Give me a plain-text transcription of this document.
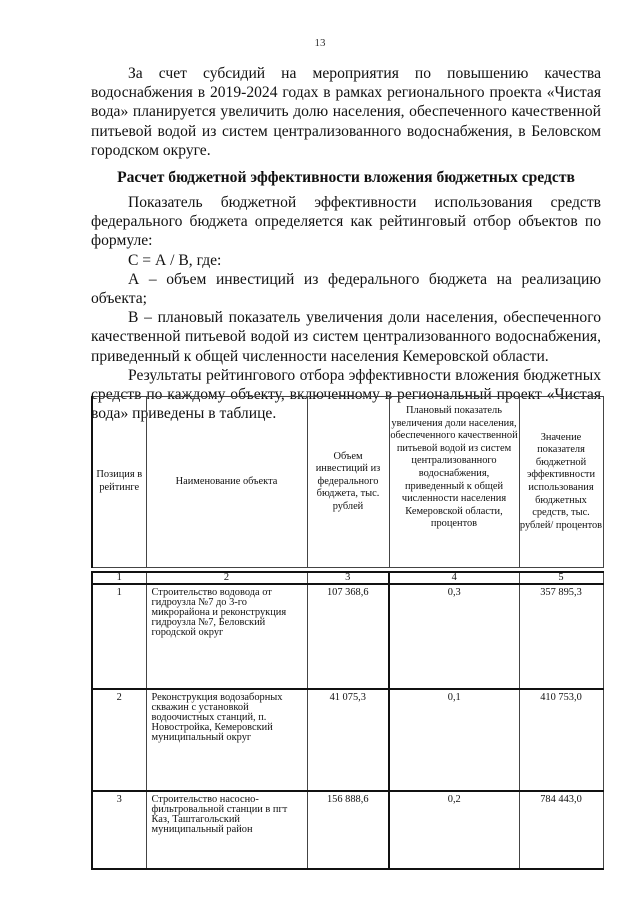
13

За счет субсидий на мероприятия по повышению качества водоснабжения в 2019-2024 годах в рамках регионального проекта «Чистая вода» планируется увеличить долю населения, обеспеченного качественной питьевой водой из систем централизованного водоснабжения, в Беловском городском округе.

Расчет бюджетной эффективности вложения бюджетных средств

Показатель бюджетной эффективности использования средств федерального бюджета определяется как рейтинговый отбор объектов по формуле:

С = А / В, где:

А – объем инвестиций из федерального бюджета на реализацию объекта;

В – плановый показатель увеличения доли населения, обеспеченного качественной питьевой водой из систем централизованного водоснабжения, приведенный к общей численности населения Кемеровской области.

Результаты рейтингового отбора эффективности вложения бюджетных средств по каждому объекту, включенному в региональный проект «Чистая вода» приведены в таблице.

Позиция в рейтинге	Наименование объекта	Объем инвестиций из федерального бюджета, тыс. рублей	Плановый показатель увеличения доли населения, обеспеченного качественной питьевой водой из систем централизованного водоснабжения, приведенный к общей численности населения Кемеровской области, процентов	Значение показателя бюджетной эффективности использования бюджетных средств, тыс. рублей/ процентов
1	2	3	4	5
1	Строительство водовода от гидроузла №7 до 3-го микрорайона и реконструкция гидроузла №7, Беловский городской округ	107 368,6	0,3	357 895,3
2	Реконструкция водозаборных скважин с установкой водоочистных станций, п. Новостройка, Кемеровский муниципальный округ	41 075,3	0,1	410 753,0
3	Строительство насосно-фильтровальной станции в пгт Каз, Таштагольский муниципальный район	156 888,6	0,2	784 443,0
